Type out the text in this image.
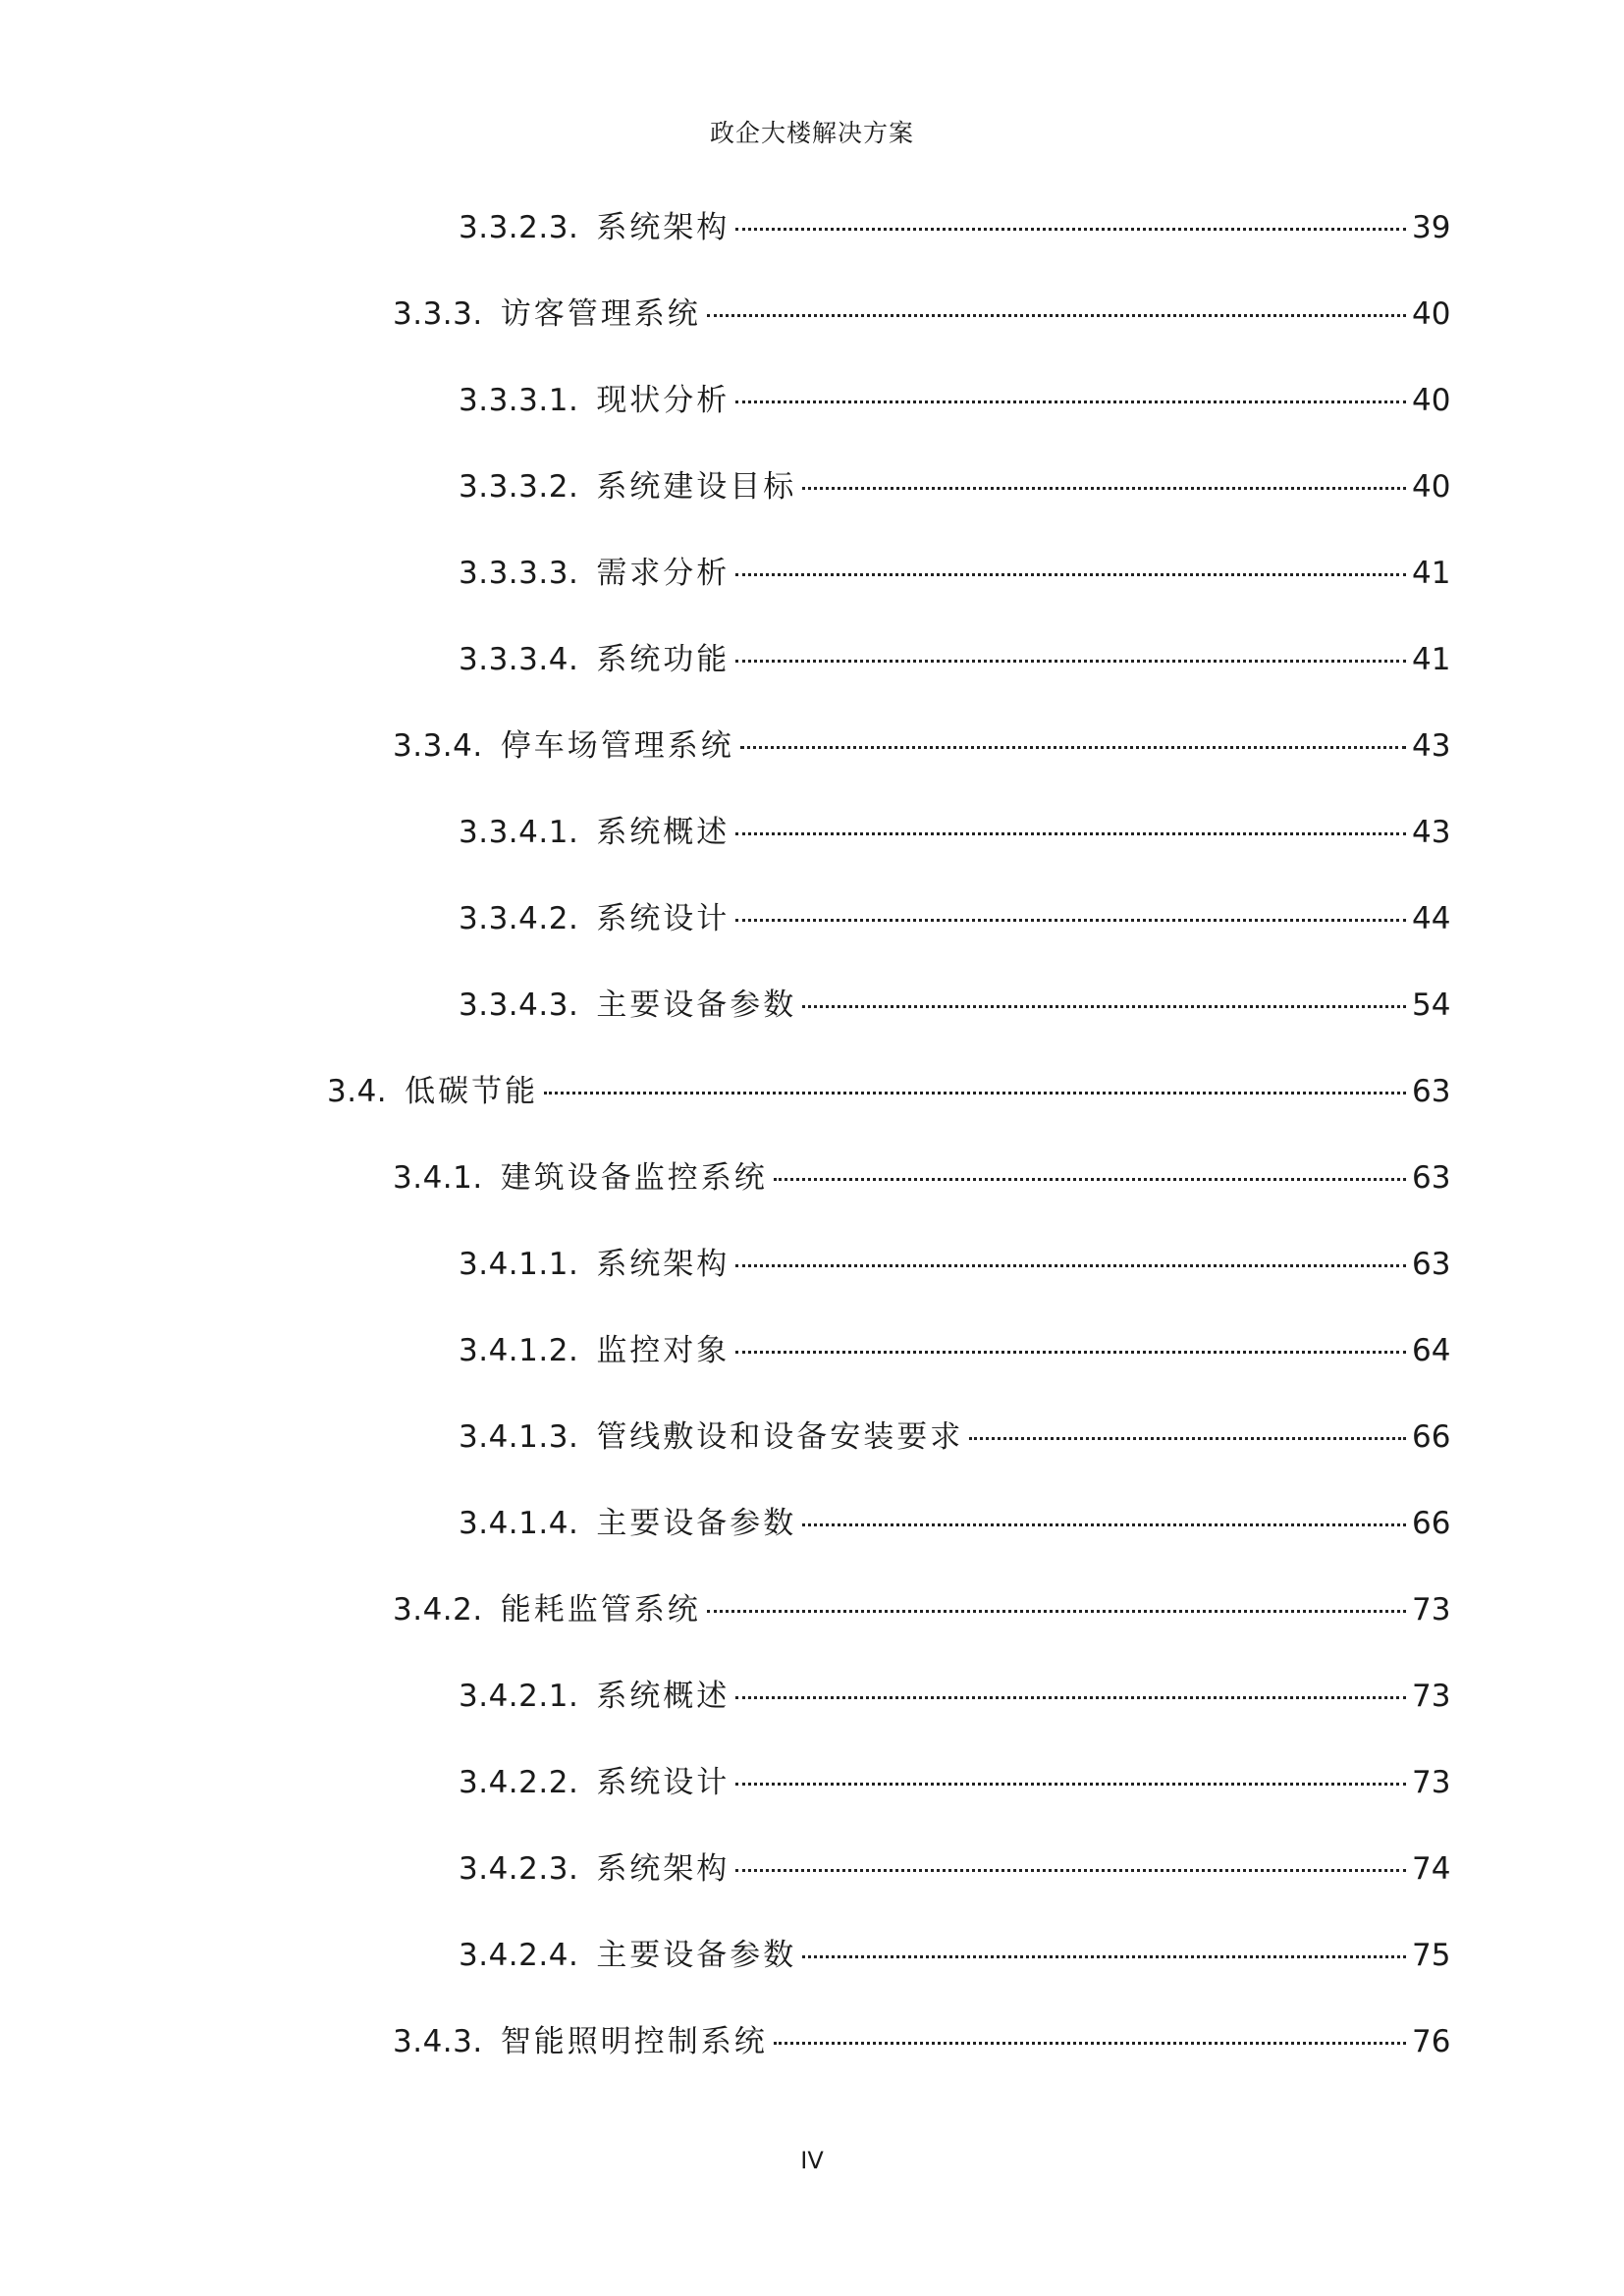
政企大楼解决方案
3.3.2.3. 系统架构	39
3.3.3. 访客管理系统	40
3.3.3.1. 现状分析	40
3.3.3.2. 系统建设目标	40
3.3.3.3. 需求分析	41
3.3.3.4. 系统功能	41
3.3.4. 停车场管理系统	43
3.3.4.1. 系统概述	43
3.3.4.2. 系统设计	44
3.3.4.3. 主要设备参数	54
3.4. 低碳节能	63
3.4.1. 建筑设备监控系统	63
3.4.1.1. 系统架构	63
3.4.1.2. 监控对象	64
3.4.1.3. 管线敷设和设备安装要求	66
3.4.1.4. 主要设备参数	66
3.4.2. 能耗监管系统	73
3.4.2.1. 系统概述	73
3.4.2.2. 系统设计	73
3.4.2.3. 系统架构	74
3.4.2.4. 主要设备参数	75
3.4.3. 智能照明控制系统	76
IV
